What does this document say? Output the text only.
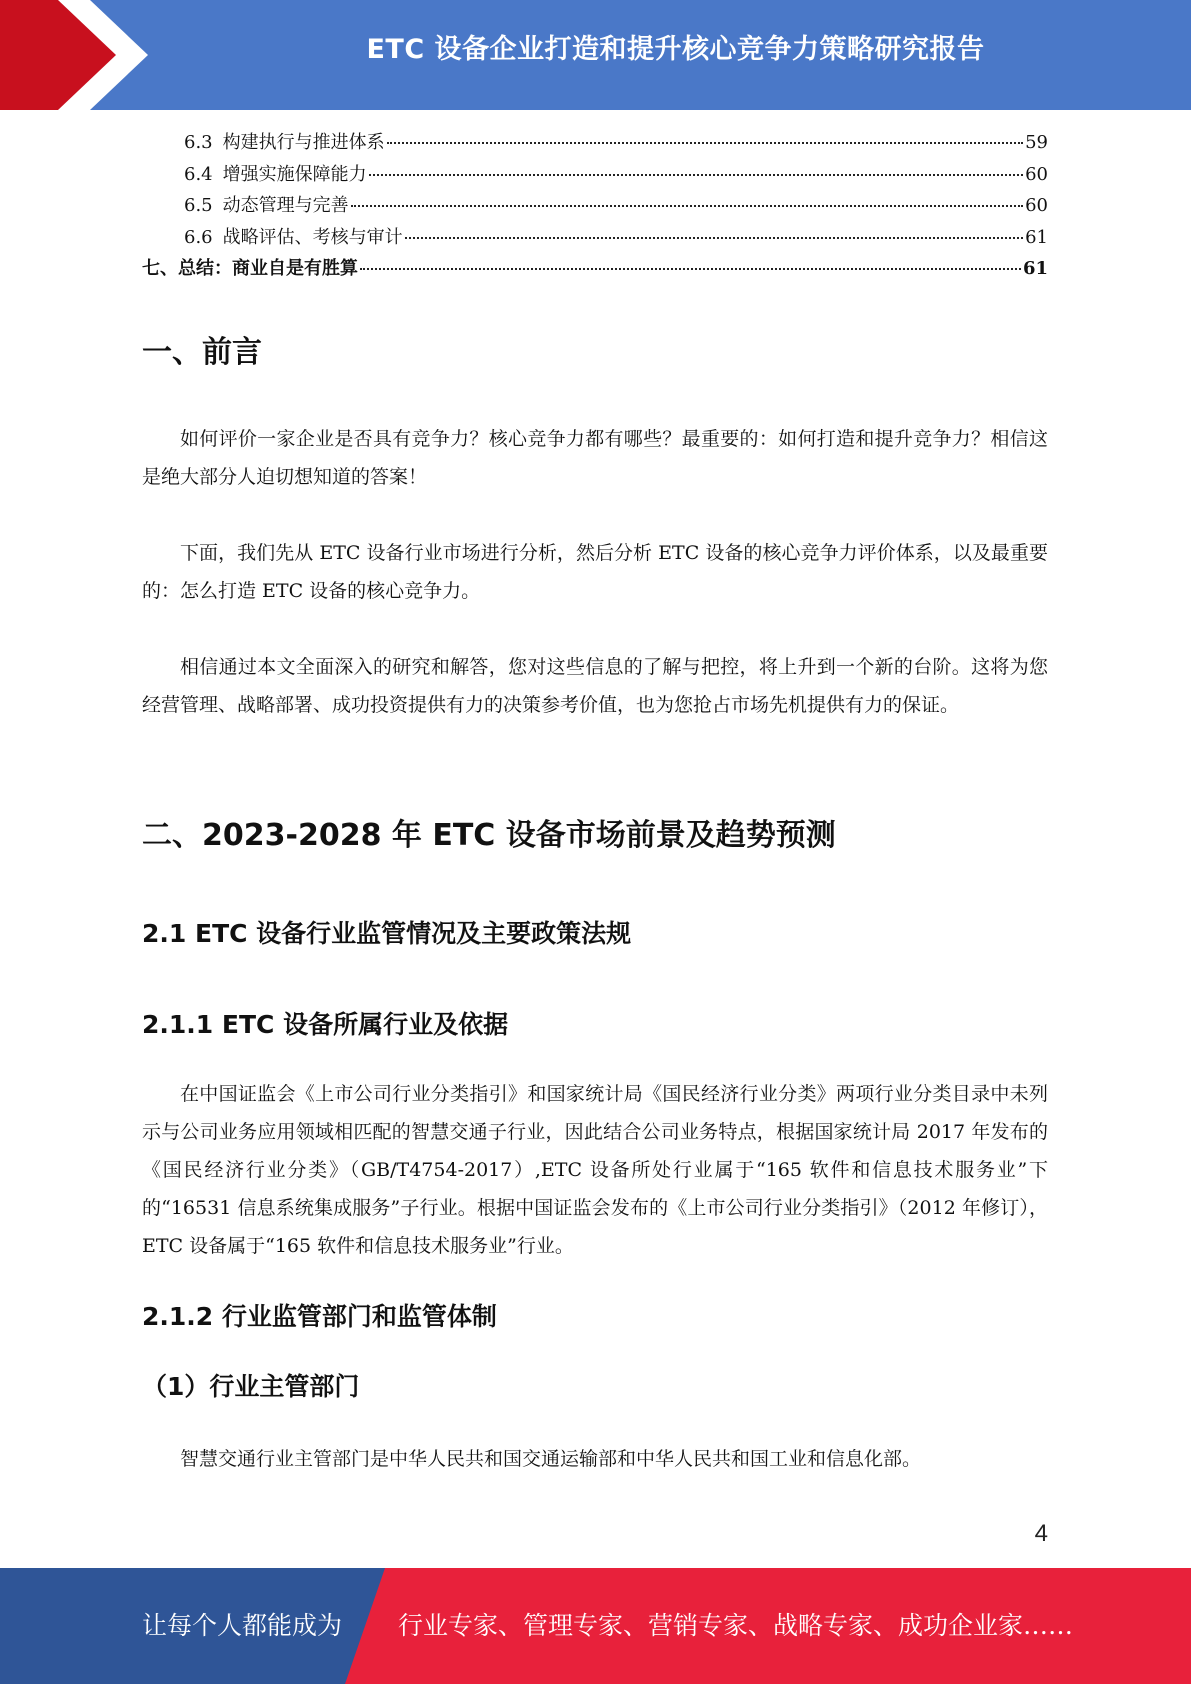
ETC 设备企业打造和提升核心竞争力策略研究报告
6.3 构建执行与推进体系	59
6.4 增强实施保障能力	60
6.5 动态管理与完善	60
6.6 战略评估、考核与审计	61
七、总结：商业自是有胜算	61
一、前言

如何评价一家企业是否具有竞争力？核心竞争力都有哪些？最重要的：如何打造和提升竞争力？相信这是绝大部分人迫切想知道的答案！

下面，我们先从 ETC 设备行业市场进行分析，然后分析 ETC 设备的核心竞争力评价体系，以及最重要的：怎么打造 ETC 设备的核心竞争力。

相信通过本文全面深入的研究和解答，您对这些信息的了解与把控，将上升到一个新的台阶。这将为您经营管理、战略部署、成功投资提供有力的决策参考价值，也为您抢占市场先机提供有力的保证。

二、2023-2028 年 ETC 设备市场前景及趋势预测
2.1 ETC 设备行业监管情况及主要政策法规
2.1.1 ETC 设备所属行业及依据

在中国证监会《上市公司行业分类指引》和国家统计局《国民经济行业分类》两项行业分类目录中未列示与公司业务应用领域相匹配的智慧交通子行业，因此结合公司业务特点，根据国家统计局 2017 年发布的《国民经济行业分类》（GB/T4754-2017）,ETC 设备所处行业属于“165 软件和信息技术服务业”下的“16531 信息系统集成服务”子行业。根据中国证监会发布的《上市公司行业分类指引》（2012 年修订），ETC 设备属于“165 软件和信息技术服务业”行业。

2.1.2 行业监管部门和监管体制
（1）行业主管部门

智慧交通行业主管部门是中华人民共和国交通运输部和中华人民共和国工业和信息化部。

4
让每个人都能成为 行业专家、管理专家、营销专家、战略专家、成功企业家……
